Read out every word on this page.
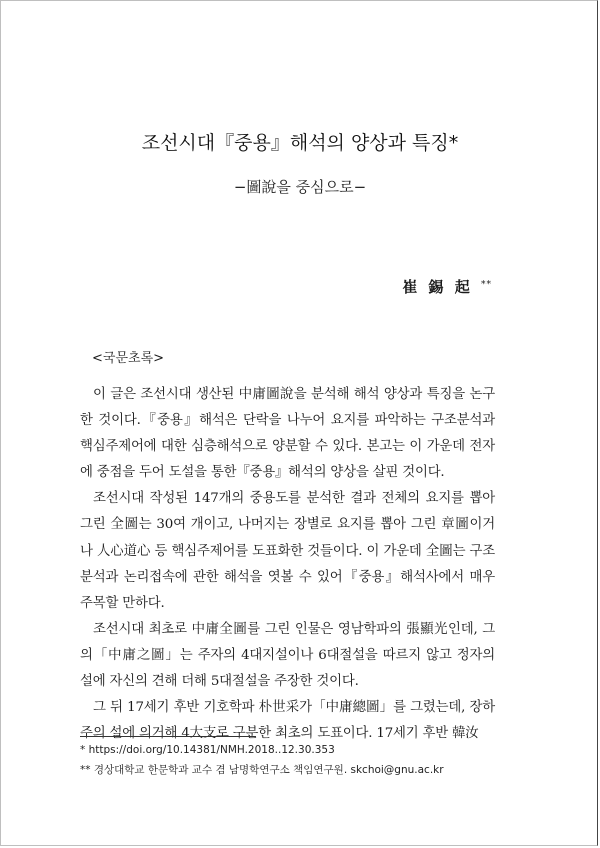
조선시대『중용』해석의 양상과 특징*
−圖說을 중심으로−
崔 錫 起 **
<국문초록>

이 글은 조선시대 생산된 中庸圖說을 분석해 해석 양상과 특징을 논구한 것이다.『중용』해석은 단락을 나누어 요지를 파악하는 구조분석과 핵심주제어에 대한 심층해석으로 양분할 수 있다. 본고는 이 가운데 전자에 중점을 두어 도설을 통한『중용』해석의 양상을 살핀 것이다.

조선시대 작성된 147개의 중용도를 분석한 결과 전체의 요지를 뽑아 그린 全圖는 30여 개이고, 나머지는 장별로 요지를 뽑아 그린 章圖이거나 人心道心 등 핵심주제어를 도표화한 것들이다. 이 가운데 全圖는 구조분석과 논리접속에 관한 해석을 엿볼 수 있어『중용』해석사에서 매우 주목할 만하다.

조선시대 최초로 中庸全圖를 그린 인물은 영남학파의 張顯光인데, 그의「中庸之圖」는 주자의 4대지설이나 6대절설을 따르지 않고 정자의 설에 자신의 견해 더해 5대절설을 주장한 것이다.

그 뒤 17세기 후반 기호학파 朴世采가「中庸總圖」를 그렸는데, 장하주의 설에 의거해 4大支로 구분한 최초의 도표이다. 17세기 후반 韓汝

* https://doi.org/10.14381/NMH.2018..12.30.353
** 경상대학교 한문학과 교수 겸 남명학연구소 책임연구원. skchoi@gnu.ac.kr
